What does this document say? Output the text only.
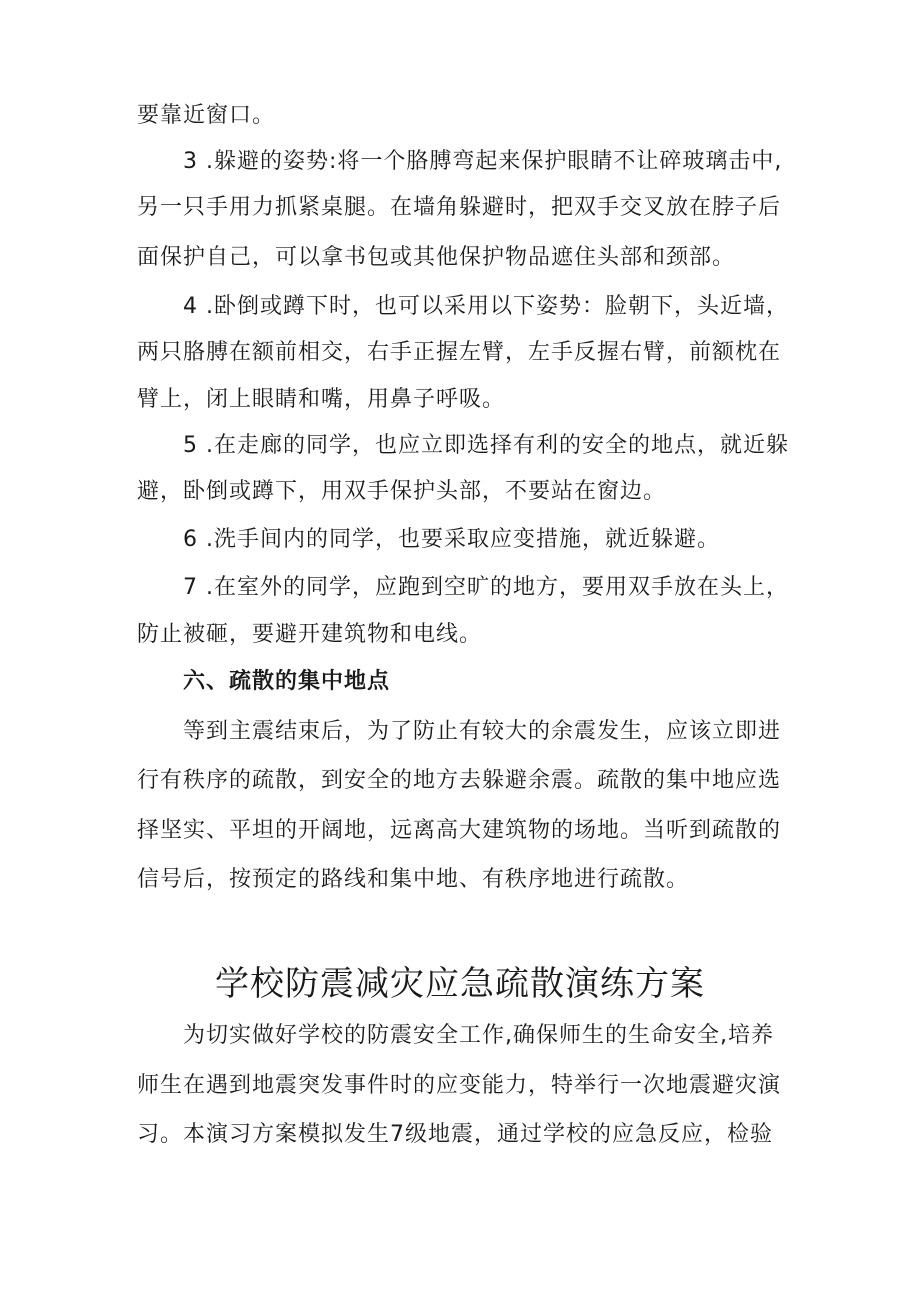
要靠近窗口。
3 .躲避的姿势:将一个胳膊弯起来保护眼睛不让碎玻璃击中,
另一只手用力抓紧桌腿。在墙角躲避时，把双手交叉放在脖子后
面保护自己，可以拿书包或其他保护物品遮住头部和颈部。
4 .卧倒或蹲下时，也可以采用以下姿势：脸朝下，头近墙，
两只胳膊在额前相交，右手正握左臂，左手反握右臂，前额枕在
臂上，闭上眼睛和嘴，用鼻子呼吸。
5 .在走廊的同学，也应立即选择有利的安全的地点，就近躲
避，卧倒或蹲下，用双手保护头部，不要站在窗边。
6 .洗手间内的同学，也要采取应变措施，就近躲避。
7 .在室外的同学，应跑到空旷的地方，要用双手放在头上，
防止被砸，要避开建筑物和电线。
六、疏散的集中地点
等到主震结束后，为了防止有较大的余震发生，应该立即进
行有秩序的疏散，到安全的地方去躲避余震。疏散的集中地应选
择坚实、平坦的开阔地，远离高大建筑物的场地。当听到疏散的
信号后，按预定的路线和集中地、有秩序地进行疏散。
学校防震减灾应急疏散演练方案
为切实做好学校的防震安全工作,确保师生的生命安全,培养
师生在遇到地震突发事件时的应变能力，特举行一次地震避灾演
习。本演习方案模拟发生7级地震，通过学校的应急反应，检验
